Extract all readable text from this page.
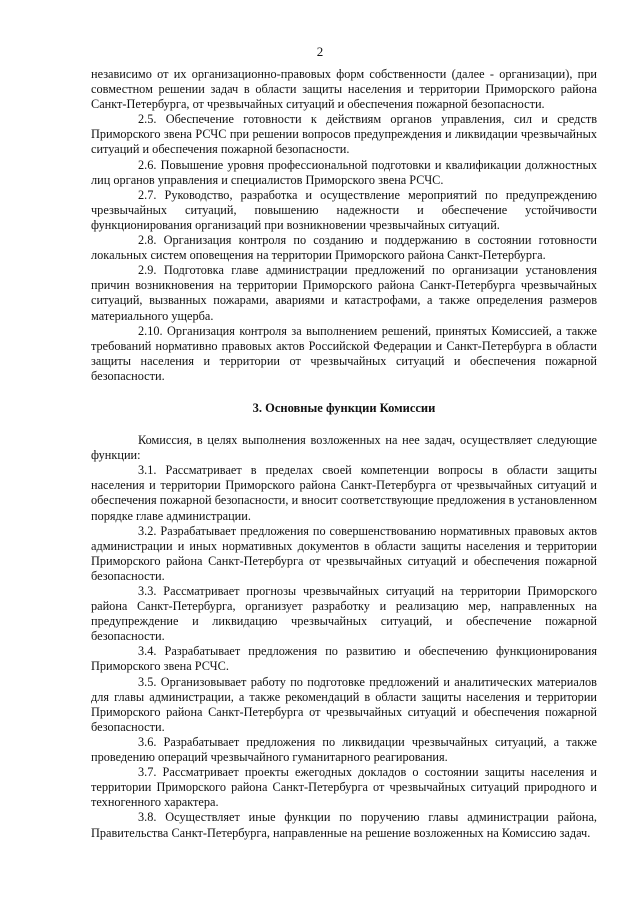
2

независимо от их организационно-правовых форм собственности (далее - организации), при совместном решении задач в области защиты населения и территории Приморского района Санкт-Петербурга, от чрезвычайных ситуаций и обеспечения пожарной безопасности.

2.5. Обеспечение готовности к действиям органов управления, сил и средств Приморского звена РСЧС при решении вопросов предупреждения и ликвидации чрезвычайных ситуаций и обеспечения пожарной безопасности.

2.6. Повышение уровня профессиональной подготовки и квалификации должностных лиц органов управления и специалистов Приморского звена РСЧС.

2.7. Руководство, разработка и осуществление мероприятий по предупреждению чрезвычайных ситуаций, повышению надежности и обеспечение устойчивости функционирования организаций при возникновении чрезвычайных ситуаций.

2.8. Организация контроля по созданию и поддержанию в состоянии готовности локальных систем оповещения на территории Приморского района Санкт-Петербурга.

2.9. Подготовка главе администрации предложений по организации установления причин возникновения на территории Приморского района Санкт-Петербурга чрезвычайных ситуаций, вызванных пожарами, авариями и катастрофами, а также определения размеров материального ущерба.

2.10. Организация контроля за выполнением решений, принятых Комиссией, а также требований нормативно правовых актов Российской Федерации и Санкт-Петербурга в области защиты населения и территории от чрезвычайных ситуаций и обеспечения пожарной безопасности.

3. Основные функции Комиссии

Комиссия, в целях выполнения возложенных на нее задач, осуществляет следующие функции:

3.1. Рассматривает в пределах своей компетенции вопросы в области защиты населения и территории Приморского района Санкт-Петербурга от чрезвычайных ситуаций и обеспечения пожарной безопасности, и вносит соответствующие предложения в установленном порядке главе администрации.

3.2. Разрабатывает предложения по совершенствованию нормативных правовых актов администрации и иных нормативных документов в области защиты населения и территории Приморского района Санкт-Петербурга от чрезвычайных ситуаций и обеспечения пожарной безопасности.

3.3. Рассматривает прогнозы чрезвычайных ситуаций на территории Приморского района Санкт-Петербурга, организует разработку и реализацию мер, направленных на предупреждение и ликвидацию чрезвычайных ситуаций, и обеспечение пожарной безопасности.

3.4. Разрабатывает предложения по развитию и обеспечению функционирования Приморского звена РСЧС.

3.5. Организовывает работу по подготовке предложений и аналитических материалов для главы администрации, а также рекомендаций в области защиты населения и территории Приморского района Санкт-Петербурга от чрезвычайных ситуаций и обеспечения пожарной безопасности.

3.6. Разрабатывает предложения по ликвидации чрезвычайных ситуаций, а также проведению операций чрезвычайного гуманитарного реагирования.

3.7. Рассматривает проекты ежегодных докладов о состоянии защиты населения и территории Приморского района Санкт-Петербурга от чрезвычайных ситуаций природного и техногенного характера.

3.8. Осуществляет иные функции по поручению главы администрации района, Правительства Санкт-Петербурга, направленные на решение возложенных на Комиссию задач.
